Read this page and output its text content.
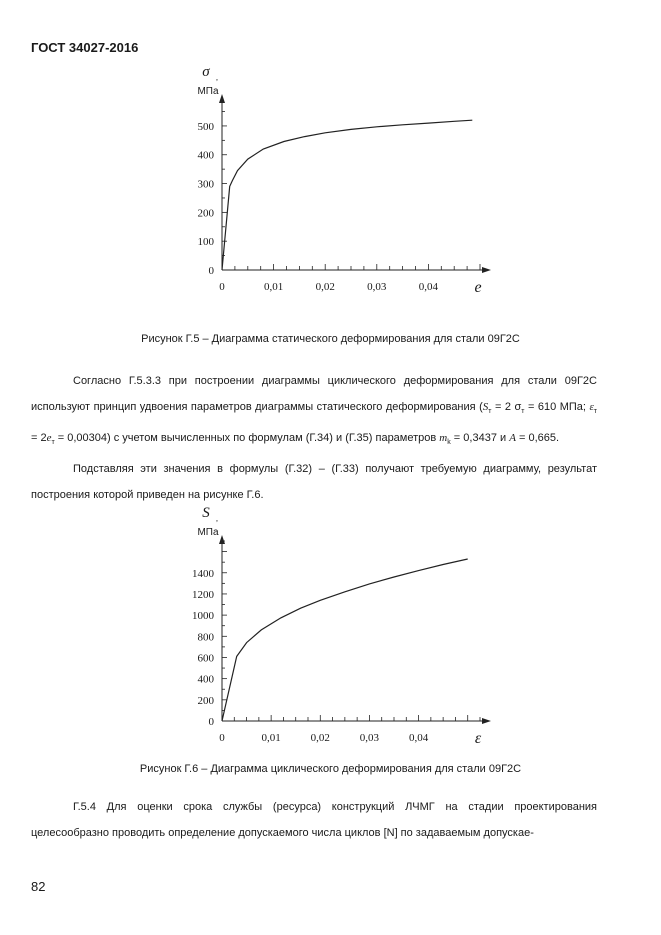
ГОСТ 34027-2016
0	0,01	0,02	0,03	0,04
0
100
200
300
400
500
σ ,
МПа
e
Рисунок Г.5 – Диаграмма статического деформирования для стали 09Г2С

Согласно Г.5.3.3 при построении диаграммы циклического деформирования для стали 09Г2С используют принцип удвоения параметров диаграммы статического деформирования ($S_т = 2$ $\sigma_т = 610$ МПа; $\varepsilon_т = 2e_т = 0,00304$) с учетом вычисленных по формулам (Г.34) и (Г.35) параметров $m_k = 0,3437$ и A = 0,665.

Подставляя эти значения в формулы (Г.32) – (Г.33) получают требуемую диаграмму, результат построения которой приведен на рисунке Г.6.

0	0,01	0,02	0,03	0,04
0
200
400
600
800
1000
1200
1400
S ,
МПа
ε
Рисунок Г.6 – Диаграмма циклического деформирования для стали 09Г2С

Г.5.4 Для оценки срока службы (ресурса) конструкций ЛЧМГ на стадии проектирования целесообразно проводить определение допускаемого числа циклов [N] по задаваемым допускае-

82
